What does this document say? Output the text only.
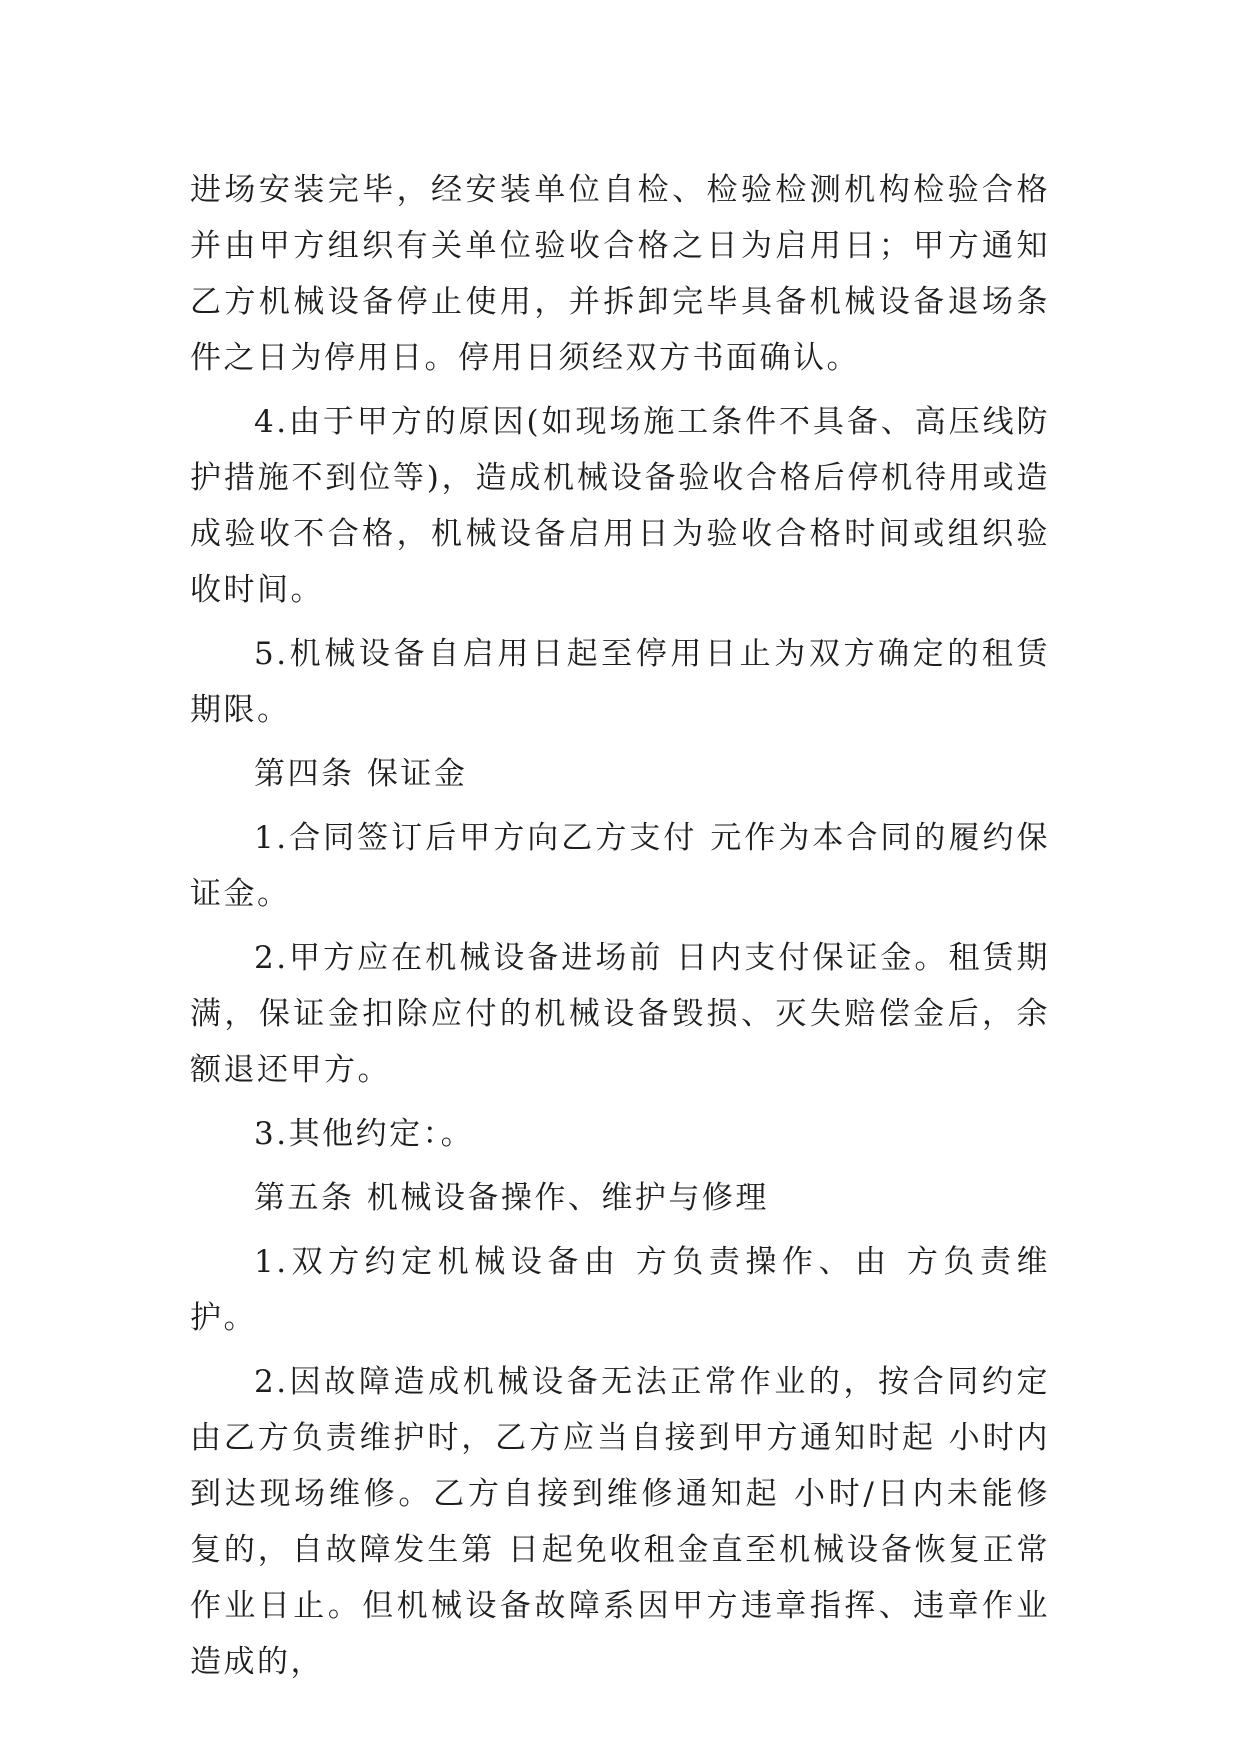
进场安装完毕，经安装单位自检、检验检测机构检验合格并由甲方组织有关单位验收合格之日为启用日；甲方通知乙方机械设备停止使用，并拆卸完毕具备机械设备退场条件之日为停用日。停用日须经双方书面确认。

4.由于甲方的原因(如现场施工条件不具备、高压线防护措施不到位等)，造成机械设备验收合格后停机待用或造成验收不合格，机械设备启用日为验收合格时间或组织验收时间。

5.机械设备自启用日起至停用日止为双方确定的租赁期限。

第四条 保证金

1.合同签订后甲方向乙方支付 元作为本合同的履约保证金。

2.甲方应在机械设备进场前 日内支付保证金。租赁期满，保证金扣除应付的机械设备毁损、灭失赔偿金后，余额退还甲方。

3.其他约定：。

第五条 机械设备操作、维护与修理

1.双方约定机械设备由 方负责操作、由 方负责维护。

2.因故障造成机械设备无法正常作业的，按合同约定由乙方负责维护时，乙方应当自接到甲方通知时起 小时内到达现场维修。乙方自接到维修通知起 小时/日内未能修复的，自故障发生第 日起免收租金直至机械设备恢复正常作业日止。但机械设备故障系因甲方违章指挥、违章作业造成的，
